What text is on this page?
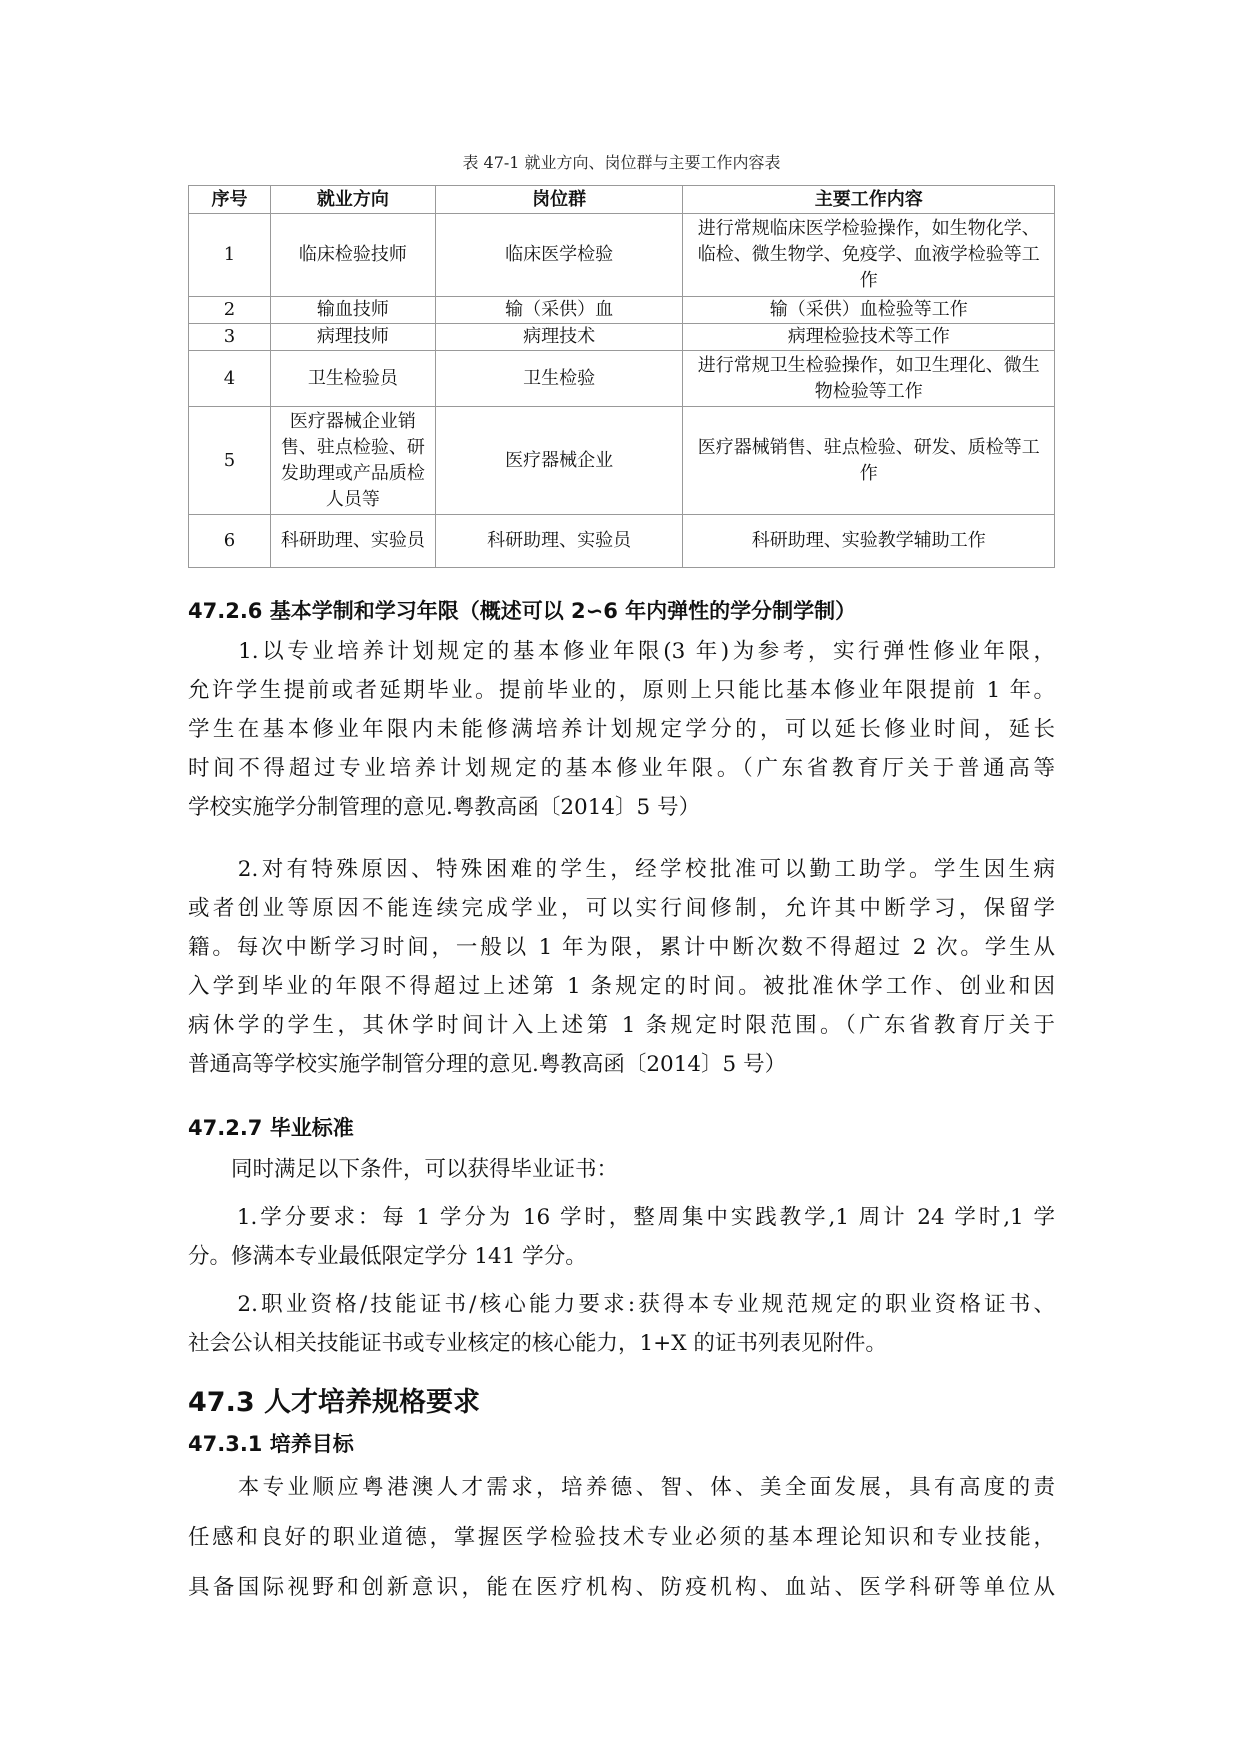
表 47-1 就业方向、岗位群与主要工作内容表
序号	就业方向	岗位群	主要工作内容
1	临床检验技师	临床医学检验	进行常规临床医学检验操作，如生物化学、临检、微生物学、免疫学、血液学检验等工作
2	输血技师	输（采供）血	输（采供）血检验等工作
3	病理技师	病理技术	病理检验技术等工作
4	卫生检验员	卫生检验	进行常规卫生检验操作，如卫生理化、微生物检验等工作
5	医疗器械企业销售、驻点检验、研发助理或产品质检人员等	医疗器械企业	医疗器械销售、驻点检验、研发、质检等工作
6	科研助理、实验员	科研助理、实验员	科研助理、实验教学辅助工作
47.2.6 基本学制和学习年限（概述可以 2∽6 年内弹性的学分制学制）
　　1.以专业培养计划规定的基本修业年限(3 年)为参考，实行弹性修业年限，
允许学生提前或者延期毕业。提前毕业的，原则上只能比基本修业年限提前 1 年。
学生在基本修业年限内未能修满培养计划规定学分的，可以延长修业时间，延长
时间不得超过专业培养计划规定的基本修业年限。（广东省教育厅关于普通高等
学校实施学分制管理的意见.粤教高函〔2014〕5 号）
　　2.对有特殊原因、特殊困难的学生，经学校批准可以勤工助学。学生因生病
或者创业等原因不能连续完成学业，可以实行间修制，允许其中断学习，保留学
籍。每次中断学习时间，一般以 1 年为限，累计中断次数不得超过 2 次。学生从
入学到毕业的年限不得超过上述第 1 条规定的时间。被批准休学工作、创业和因
病休学的学生，其休学时间计入上述第 1 条规定时限范围。（广东省教育厅关于
普通高等学校实施学制管分理的意见.粤教高函〔2014〕5 号）
47.2.7 毕业标准
　　同时满足以下条件，可以获得毕业证书：
　　1.学分要求：每 1 学分为 16 学时，整周集中实践教学,1 周计 24 学时,1 学
分。修满本专业最低限定学分 141 学分。
　　2.职业资格/技能证书/核心能力要求:获得本专业规范规定的职业资格证书、
社会公认相关技能证书或专业核定的核心能力，1+X 的证书列表见附件。
47.3 人才培养规格要求
47.3.1 培养目标
　　本专业顺应粤港澳人才需求，培养德、智、体、美全面发展，具有高度的责
任感和良好的职业道德，掌握医学检验技术专业必须的基本理论知识和专业技能，
具备国际视野和创新意识，能在医疗机构、防疫机构、血站、医学科研等单位从
